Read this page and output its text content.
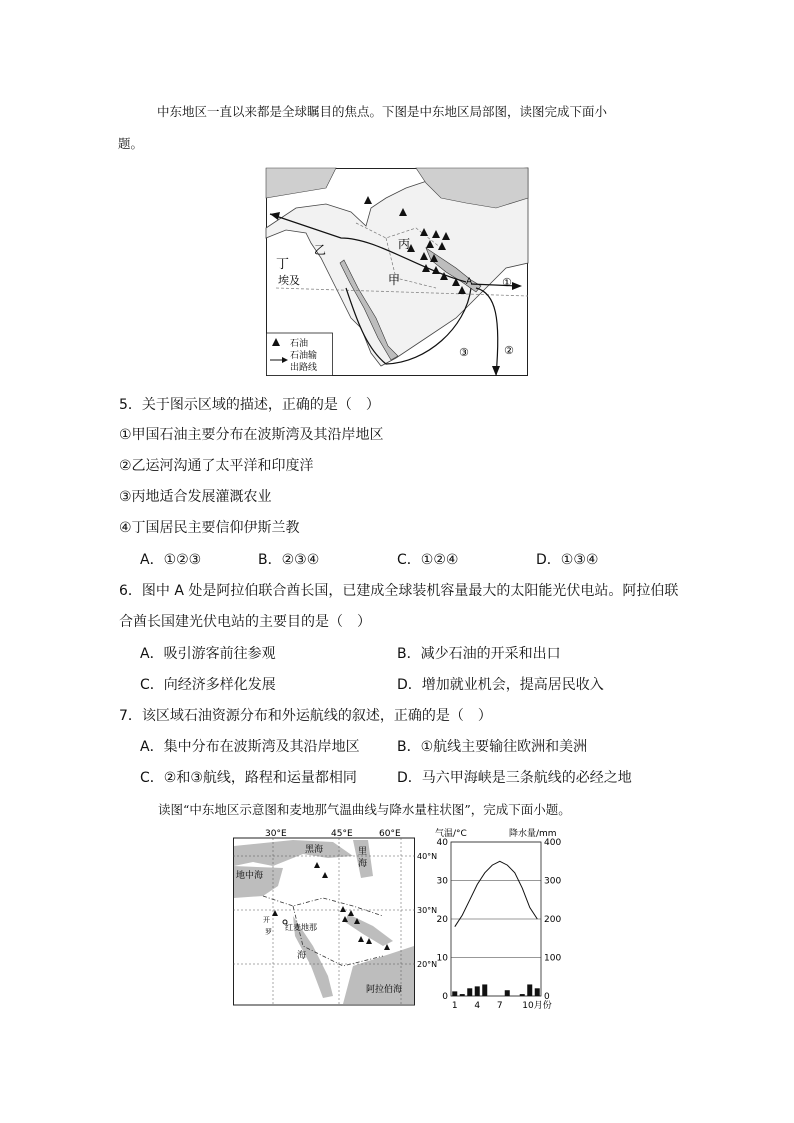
中东地区一直以来都是全球瞩目的焦点。下图是中东地区局部图，读图完成下面小
题。
乙
丁
埃及
丙
甲	A	①
②
③
石油
石油输
出路线
5．关于图示区域的描述，正确的是（　）
①甲国石油主要分布在波斯湾及其沿岸地区
②乙运河沟通了太平洋和印度洋
③丙地适合发展灌溉农业
④丁国居民主要信仰伊斯兰教
A．①②③	B．②③④	C．①②④	D．①③④
6．图中 A 处是阿拉伯联合酋长国，已建成全球装机容量最大的太阳能光伏电站。阿拉伯联
合酋长国建光伏电站的主要目的是（　）
A．吸引游客前往参观	B．减少石油的开采和出口
C．向经济多样化发展	D．增加就业机会，提高居民收入
7．该区域石油资源分布和外运航线的叙述，正确的是（　）
A．集中分布在波斯湾及其沿岸地区	B．①航线主要输往欧洲和美洲
C．②和③航线，路程和运量都相同	D．马六甲海峡是三条航线的必经之地
读图“中东地区示意图和麦地那气温曲线与降水量柱状图”，完成下面小题。
30°E	45°E	60°E
40°N
30°N
20°N
黑海	里
海
地中海
红
海
麦地那
开
罗
阿拉伯海
0
10
20
30
40
0
100
200
300
400
1 4 7 10月份
气温/°C	降水量/mm
